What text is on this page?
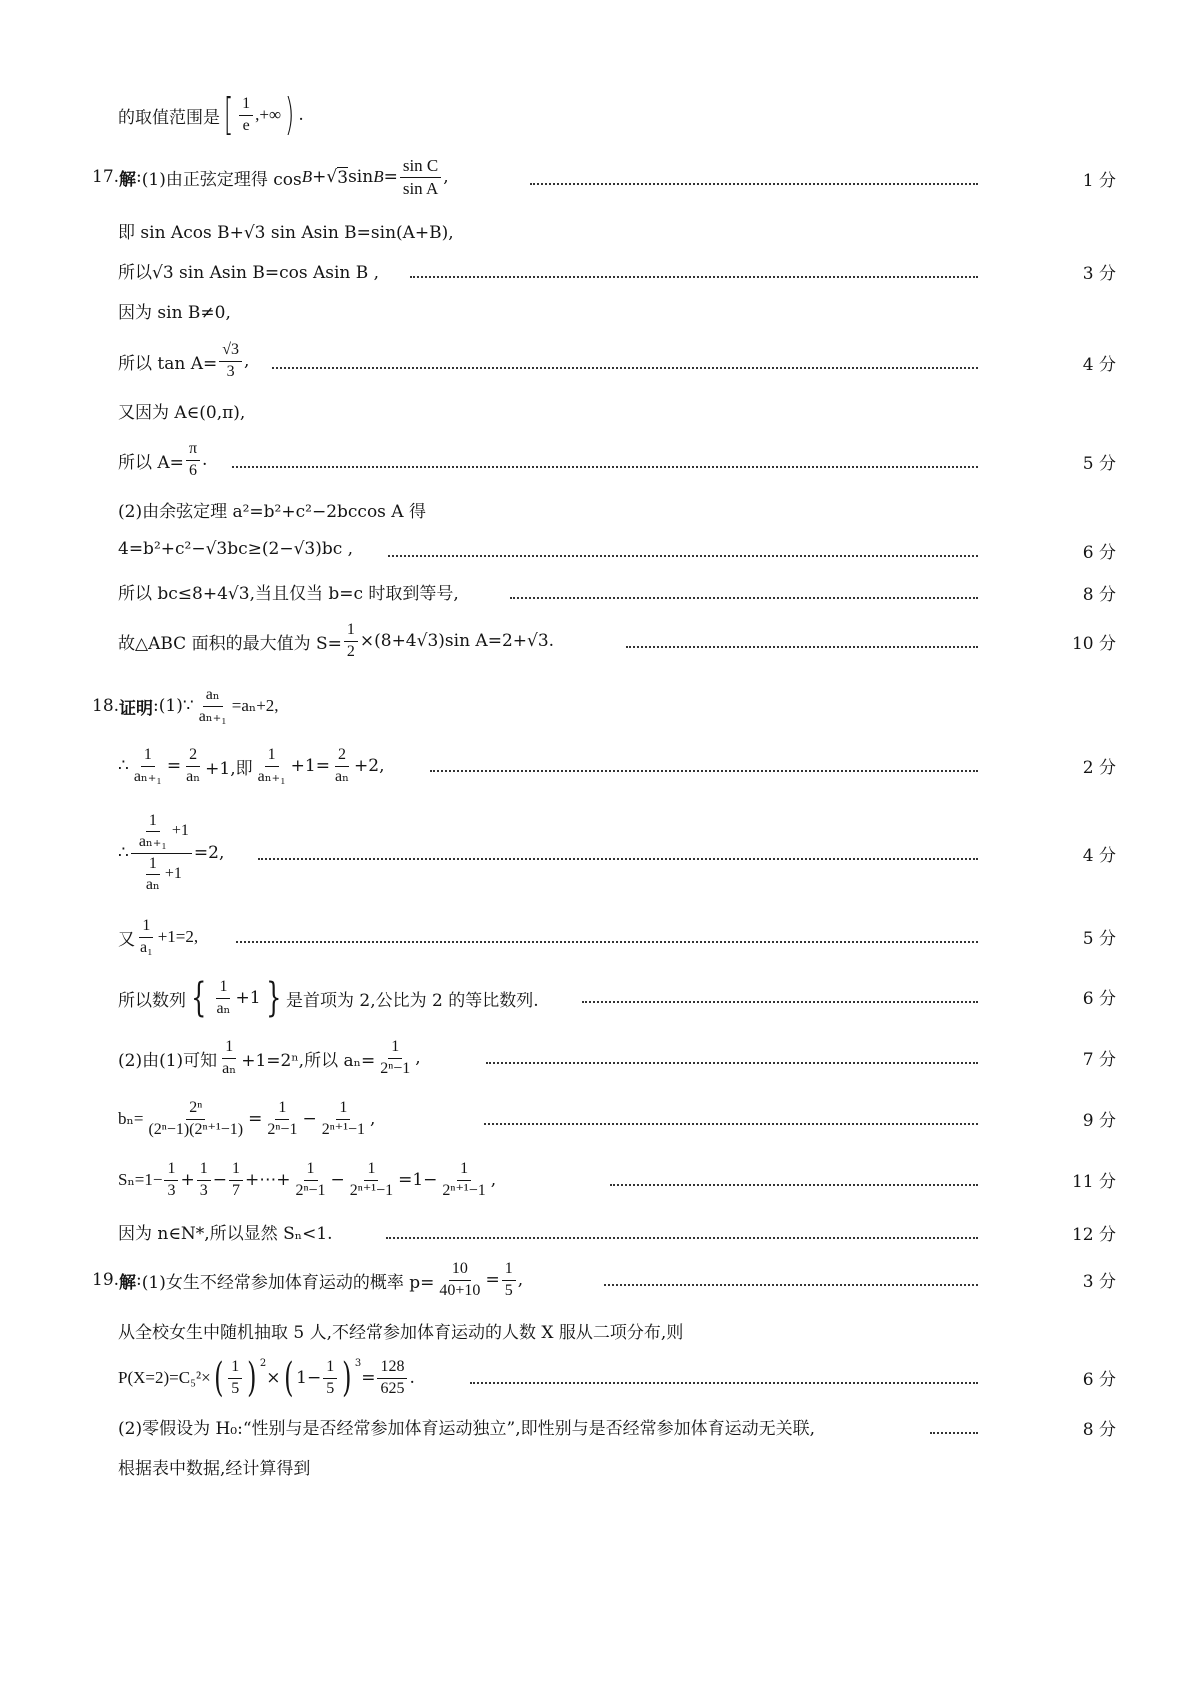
的取值范围是 [ $\frac{1}{e}$ ,+∞ ) .
17. 解 : (1)由正弦定理得 cos B + √ 3 $\sin B = \frac{\text{sin C}}{\text{sin A}}$ ,	1 分
即 sin Acos B+√3 sin Asin B=sin(A+B),
所以√3 sin Asin B=cos Asin B ,	3 分
因为 sin B≠0,
所以 $\tan A= \frac{√3}{3}$ ,	4 分
又因为 A∈(0,π),
所以 $A= \frac{\pi}{6}$ .	5 分
(2)由余弦定理 a²=b²+c²−2bccos A 得
4=b²+c²−√3bc≥(2−√3)bc ,	6 分
所以 bc≤8+4√3,当且仅当 b=c 时取到等号,	8 分
故△ABC 面积的最大值为 $S= \frac{1}{2} \times(8+4√3)\sin$ A=2+√3.	10 分
18. 证明 : (1)∵ $\frac{\text{aₙ}}{\text{aₙ₊₁}} =a_n+2$,
∴ $\frac{1}{\text{aₙ₊₁}} = \frac{2}{\text{aₙ}} +1$,即 $\frac{1}{\text{aₙ₊₁}} +1= \frac{2}{\text{aₙ}} +2$,	2 分
∴ $\frac{\frac{1}{\text{aₙ₊₁}} +1}{\frac{1}{\text{aₙ}} +1} =2$,	4 分
又 $\frac{1}{\text{a₁}} +1=2$,	5 分
所以数列 { $\frac{1}{\text{aₙ}} +1$ } 是首项为 2,公比为 2 的等比数列.	6 分
(2)由(1)可知 $\frac{1}{\text{aₙ}} +1=2^n$,所以 $a_n= \frac{1}{\text{2ⁿ−1}}$ ,	7 分
$b_n= \frac{\text{2ⁿ}}{\text{(2ⁿ−1)(2ⁿ⁺¹−1)}} = \frac{1}{\text{2ⁿ−1}} - \frac{1}{\text{2ⁿ⁺¹−1}}$ ,	9 分
$S_n=1- \frac{1}{3} + \frac{1}{3} - \frac{1}{7}$ +⋯+ $\frac{1}{\text{2ⁿ−1}} - \frac{1}{\text{2ⁿ⁺¹−1}} =1- \frac{1}{\text{2ⁿ⁺¹−1}}$ ,	11 分
因为 n∈N*,所以显然 Sₙ<1.	12 分
19. 解 : (1)女生不经常参加体育运动的概率 $p= \frac{10}{40+10} = \frac{1}{5}$ ,	3 分
从全校女生中随机抽取 5 人,不经常参加体育运动的人数 X 服从二项分布,则
P(X=2)=C₅²× ( $\frac{1}{5}$ ) $^2$
× ( $1- \frac{1}{5}$ ) $^3$
= $\frac{128}{625}$ .	6 分
(2)零假设为 H₀:“性别与是否经常参加体育运动独立”,即性别与是否经常参加体育运动无关联,	8 分
根据表中数据,经计算得到
